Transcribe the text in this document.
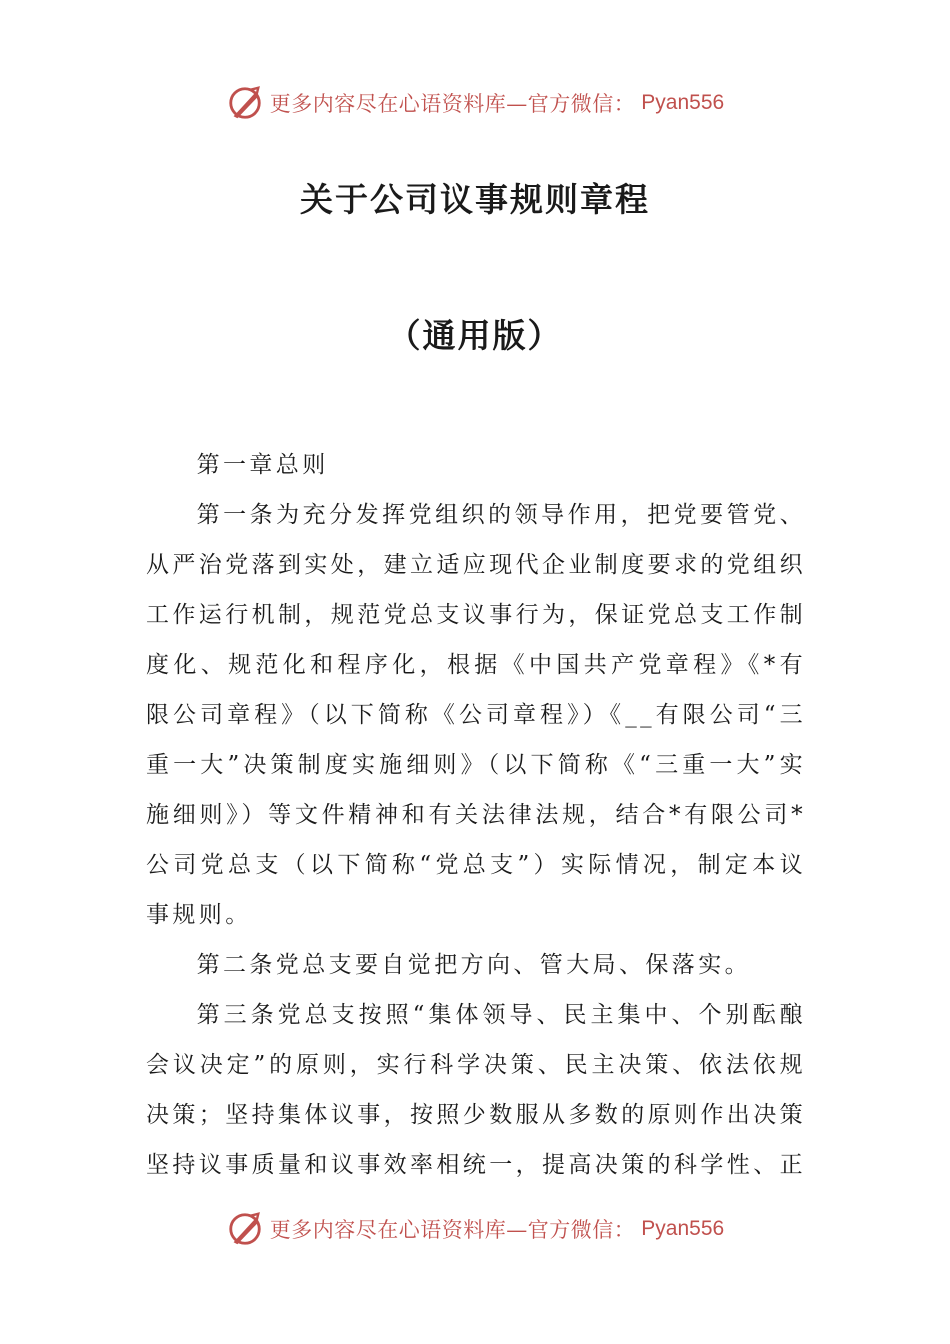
更多内容尽在心语资料库—官方微信： Pyan556
关于公司议事规则章程
（通用版）

第一章总则

第一条为充分发挥党组织的领导作用，把党要管党、从严治党落到实处，建立适应现代企业制度要求的党组织工作运行机制，规范党总支议事行为，保证党总支工作制度化、规范化和程序化，根据《中国共产党章程》《*有限公司章程》（以下简称《公司章程》）《__有限公司“三重一大”决策制度实施细则》（以下简称《“三重一大”实施细则》）等文件精神和有关法律法规，结合*有限公司*公司党总支（以下简称“党总支”）实际情况，制定本议事规则。

第二条党总支要自觉把方向、管大局、保落实。

第三条党总支按照“集体领导、民主集中、个别酝酿会议决定”的原则，实行科学决策、民主决策、依法依规决策；坚持集体议事，按照少数服从多数的原则作出决策坚持议事质量和议事效率相统一，提高决策的科学性、正

更多内容尽在心语资料库—官方微信： Pyan556
